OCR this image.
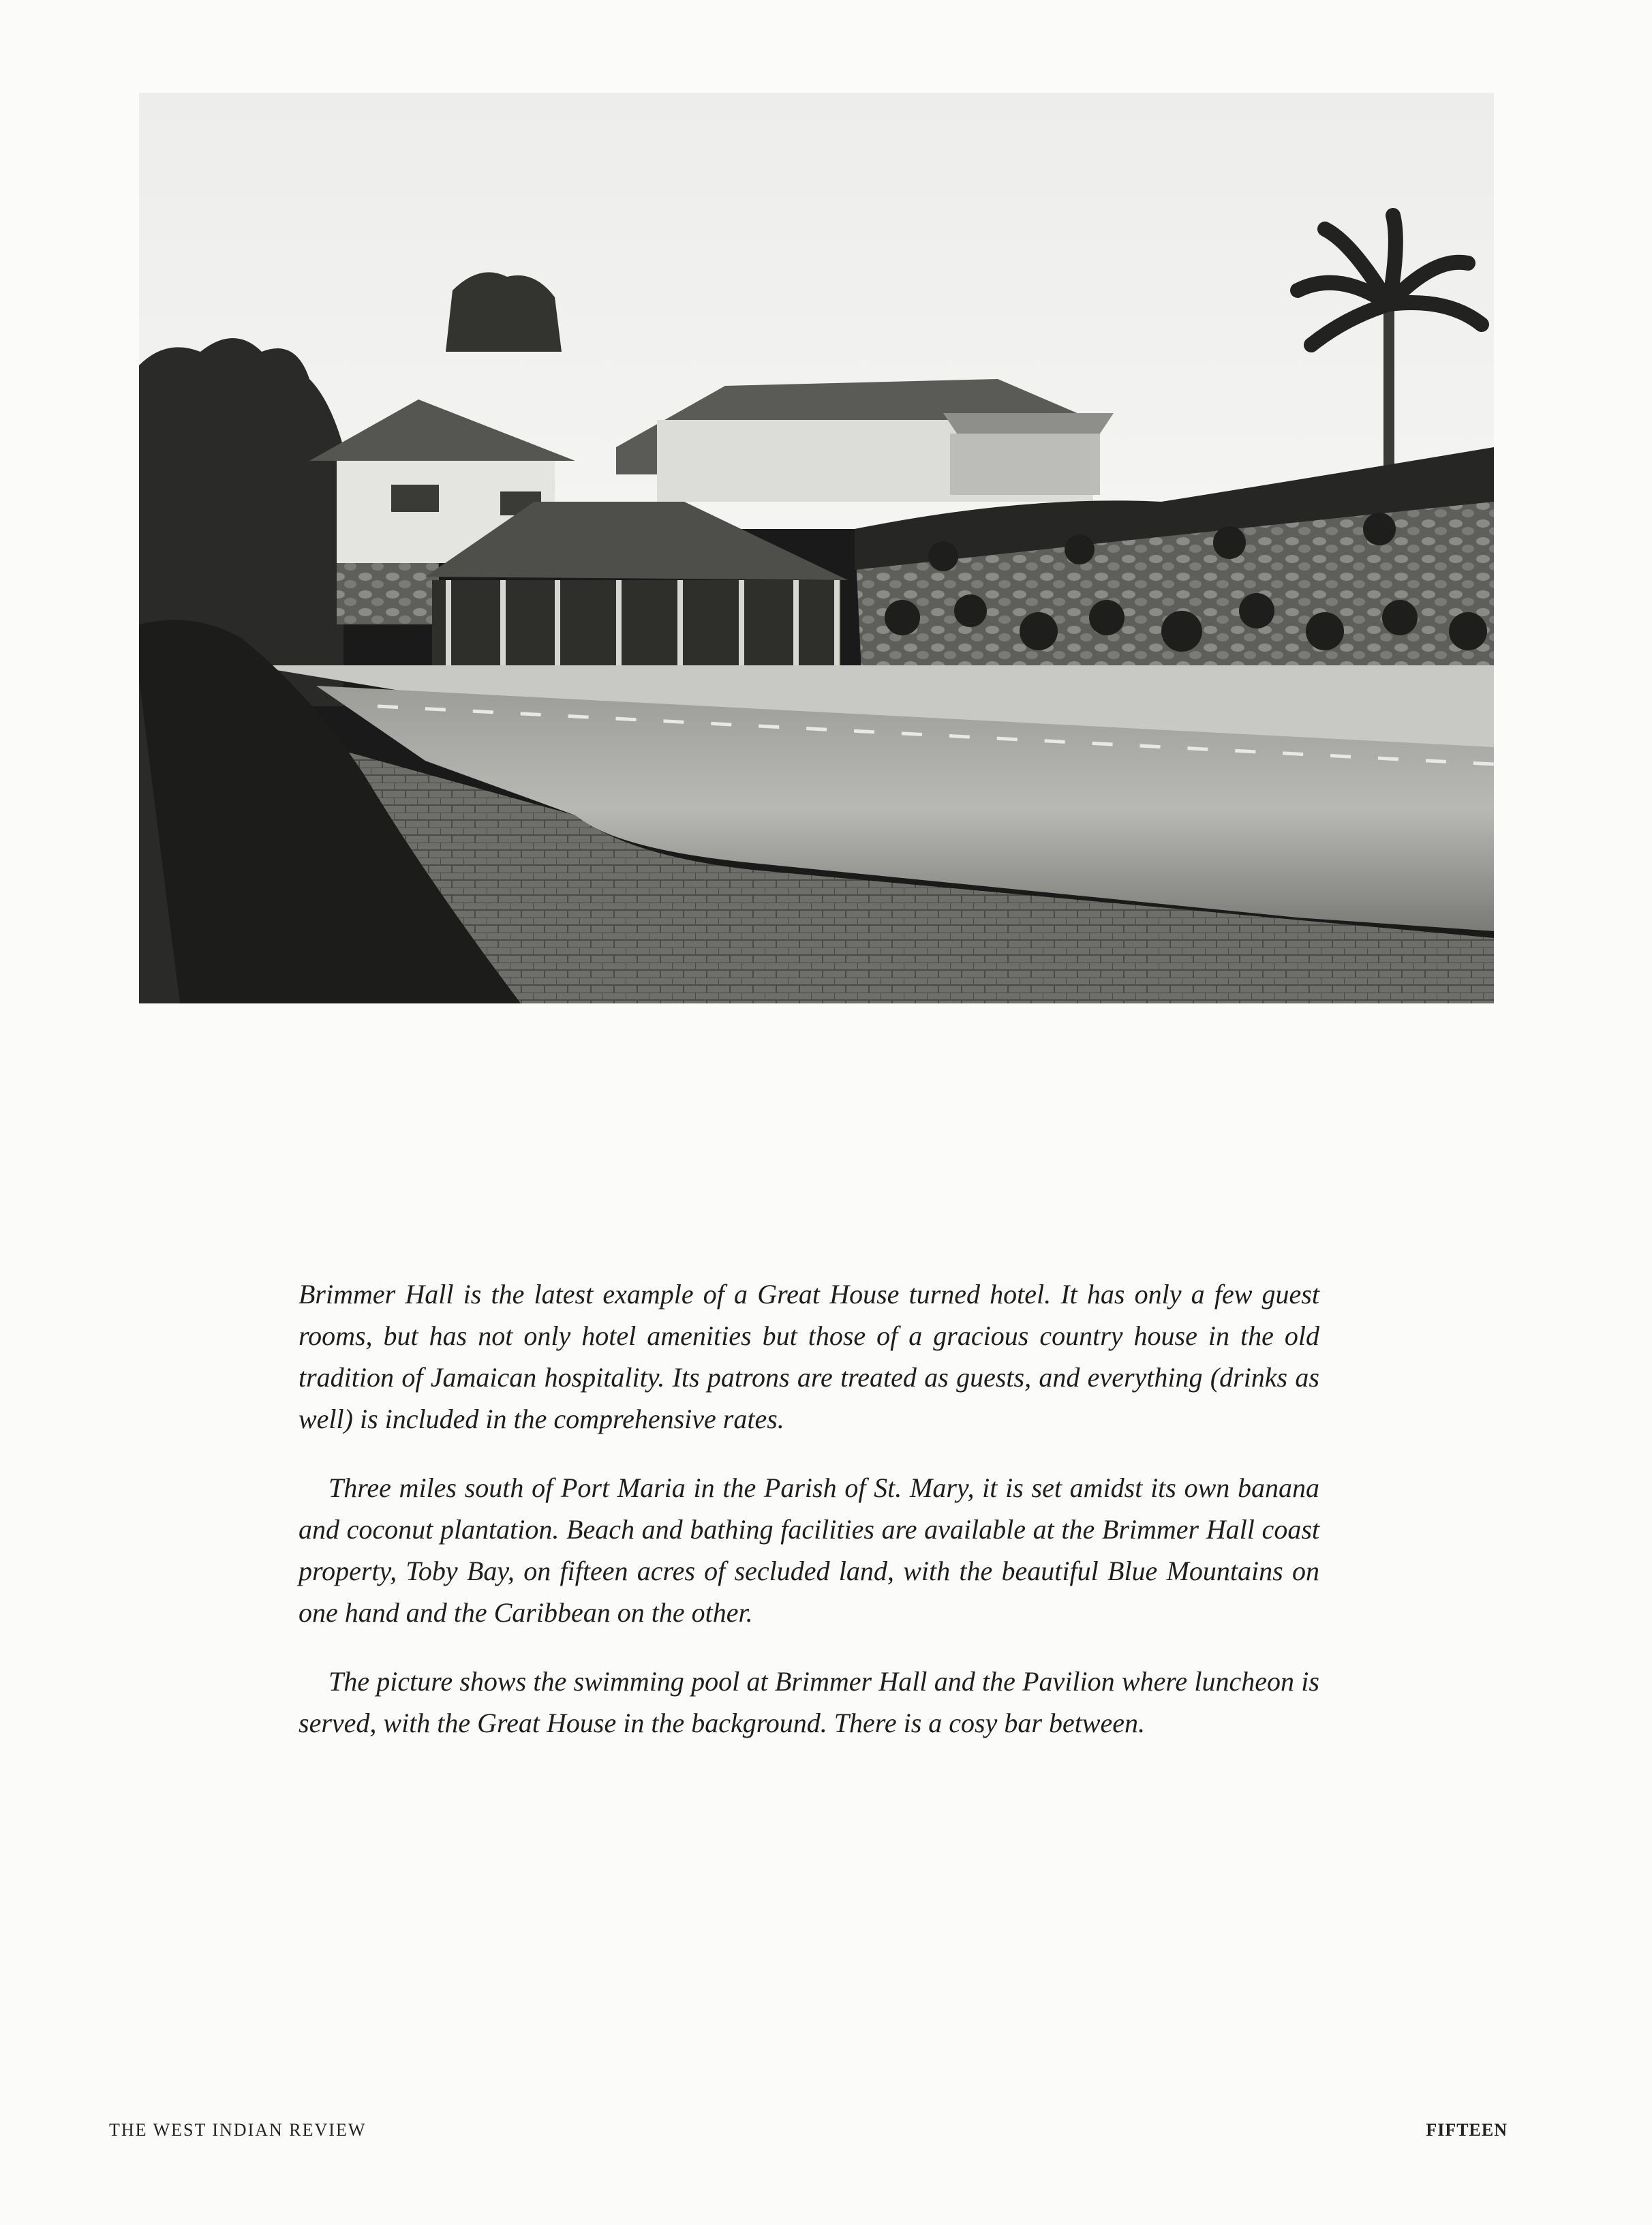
Brimmer Hall is the latest example of a Great House turned hotel. It has only a few guest rooms, but has not only hotel amenities but those of a gracious country house in the old tradition of Jamaican hospitality. Its patrons are treated as guests, and everything (drinks as well) is included in the comprehensive rates.

Three miles south of Port Maria in the Parish of St. Mary, it is set amidst its own banana and coconut plantation. Beach and bathing facilities are available at the Brimmer Hall coast property, Toby Bay, on fifteen acres of secluded land, with the beautiful Blue Mountains on one hand and the Caribbean on the other.

The picture shows the swimming pool at Brimmer Hall and the Pavilion where luncheon is served, with the Great House in the background. There is a cosy bar between.

THE WEST INDIAN REVIEW	FIFTEEN
